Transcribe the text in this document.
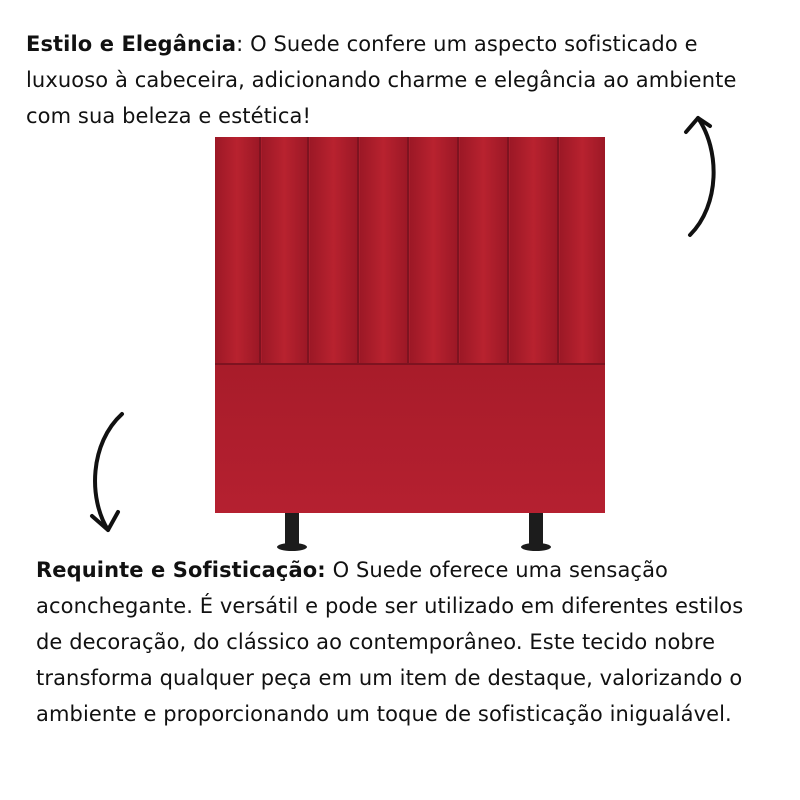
Estilo e Elegância: O Suede confere um aspecto sofisticado e luxuoso à cabeceira, adicionando charme e elegância ao ambiente com sua beleza e estética!
Requinte e Sofisticação: O Suede oferece uma sensação aconchegante. É versátil e pode ser utilizado em diferentes estilos de decoração, do clássico ao contemporâneo. Este tecido nobre transforma qualquer peça em um item de destaque, valorizando o ambiente e proporcionando um toque de sofisticação inigualável.
